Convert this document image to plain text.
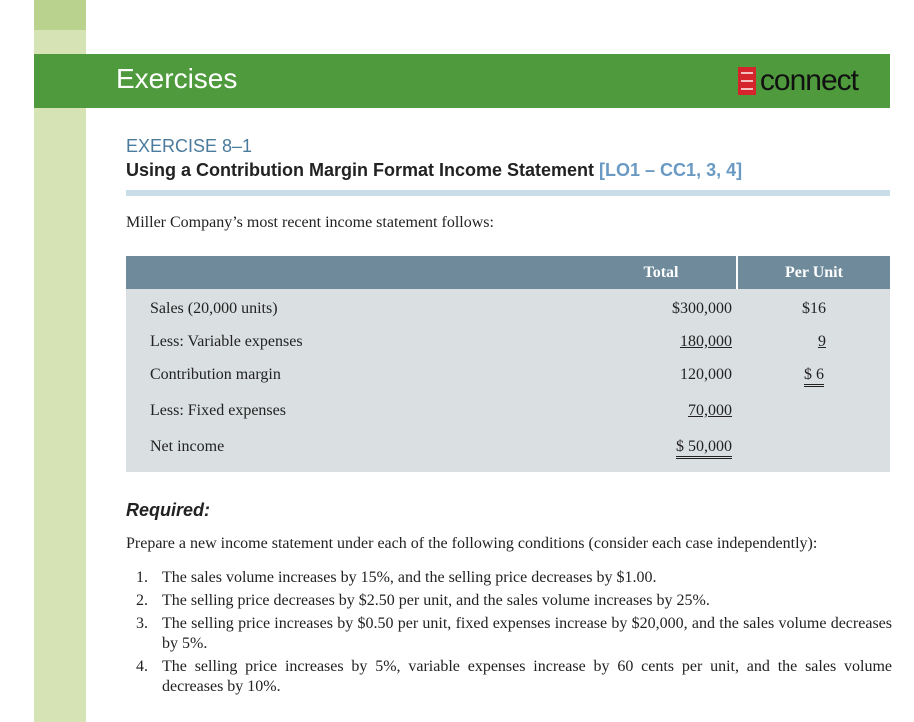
Exercises	connect
EXERCISE 8–1
Using a Contribution Margin Format Income Statement [LO1 – CC1, 3, 4]
Miller Company’s most recent income statement follows:
Total	Per Unit
Sales (20,000 units)	$300,000	$16
Less: Variable expenses	180,000	9
Contribution margin	120,000	$ 6
Less: Fixed expenses	70,000
Net income	$ 50,000
Required:
Prepare a new income statement under each of the following conditions (consider each case independently):
1. The sales volume increases by 15%, and the selling price decreases by $1.00.
2. The selling price decreases by $2.50 per unit, and the sales volume increases by 25%.
3. The selling price increases by $0.50 per unit, fixed expenses increase by $20,000, and the sales volume decreases by 5%.
4. The selling price increases by 5%, variable expenses increase by 60 cents per unit, and the sales volume decreases by 10%.
